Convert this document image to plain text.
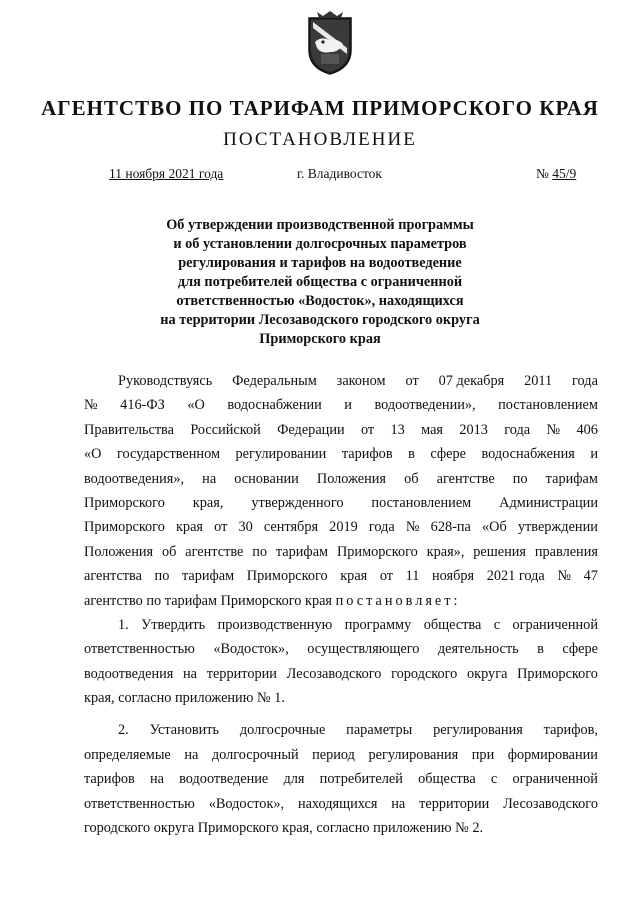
АГЕНТСТВО ПО ТАРИФАМ ПРИМОРСКОГО КРАЯ
ПОСТАНОВЛЕНИЕ
11 ноября 2021 года	г. Владивосток	№ 45/9
Об утверждении производственной программы
и об установлении долгосрочных параметров
регулирования и тарифов на водоотведение
для потребителей общества с ограниченной
ответственностью «Водосток», находящихся
на территории Лесозаводского городского округа
Приморского края
Руководствуясь Федеральным законом от 07 декабря 2011 года
№ 416-ФЗ «О водоснабжении и водоотведении», постановлением
Правительства Российской Федерации от 13 мая 2013 года № 406
«О государственном регулировании тарифов в сфере водоснабжения и
водоотведения», на основании Положения об агентстве по тарифам
Приморского края, утвержденного постановлением Администрации
Приморского края от 30 сентября 2019 года № 628-па «Об утверждении
Положения об агентстве по тарифам Приморского края», решения правления
агентства по тарифам Приморского края от 11 ноября 2021 года № 47
агентство по тарифам Приморского края постановляет:
1. Утвердить производственную программу общества с ограниченной
ответственностью «Водосток», осуществляющего деятельность в сфере
водоотведения на территории Лесозаводского городского округа Приморского
края, согласно приложению № 1.
2. Установить долгосрочные параметры регулирования тарифов,
определяемые на долгосрочный период регулирования при формировании
тарифов на водоотведение для потребителей общества с ограниченной
ответственностью «Водосток», находящихся на территории Лесозаводского
городского округа Приморского края, согласно приложению № 2.
